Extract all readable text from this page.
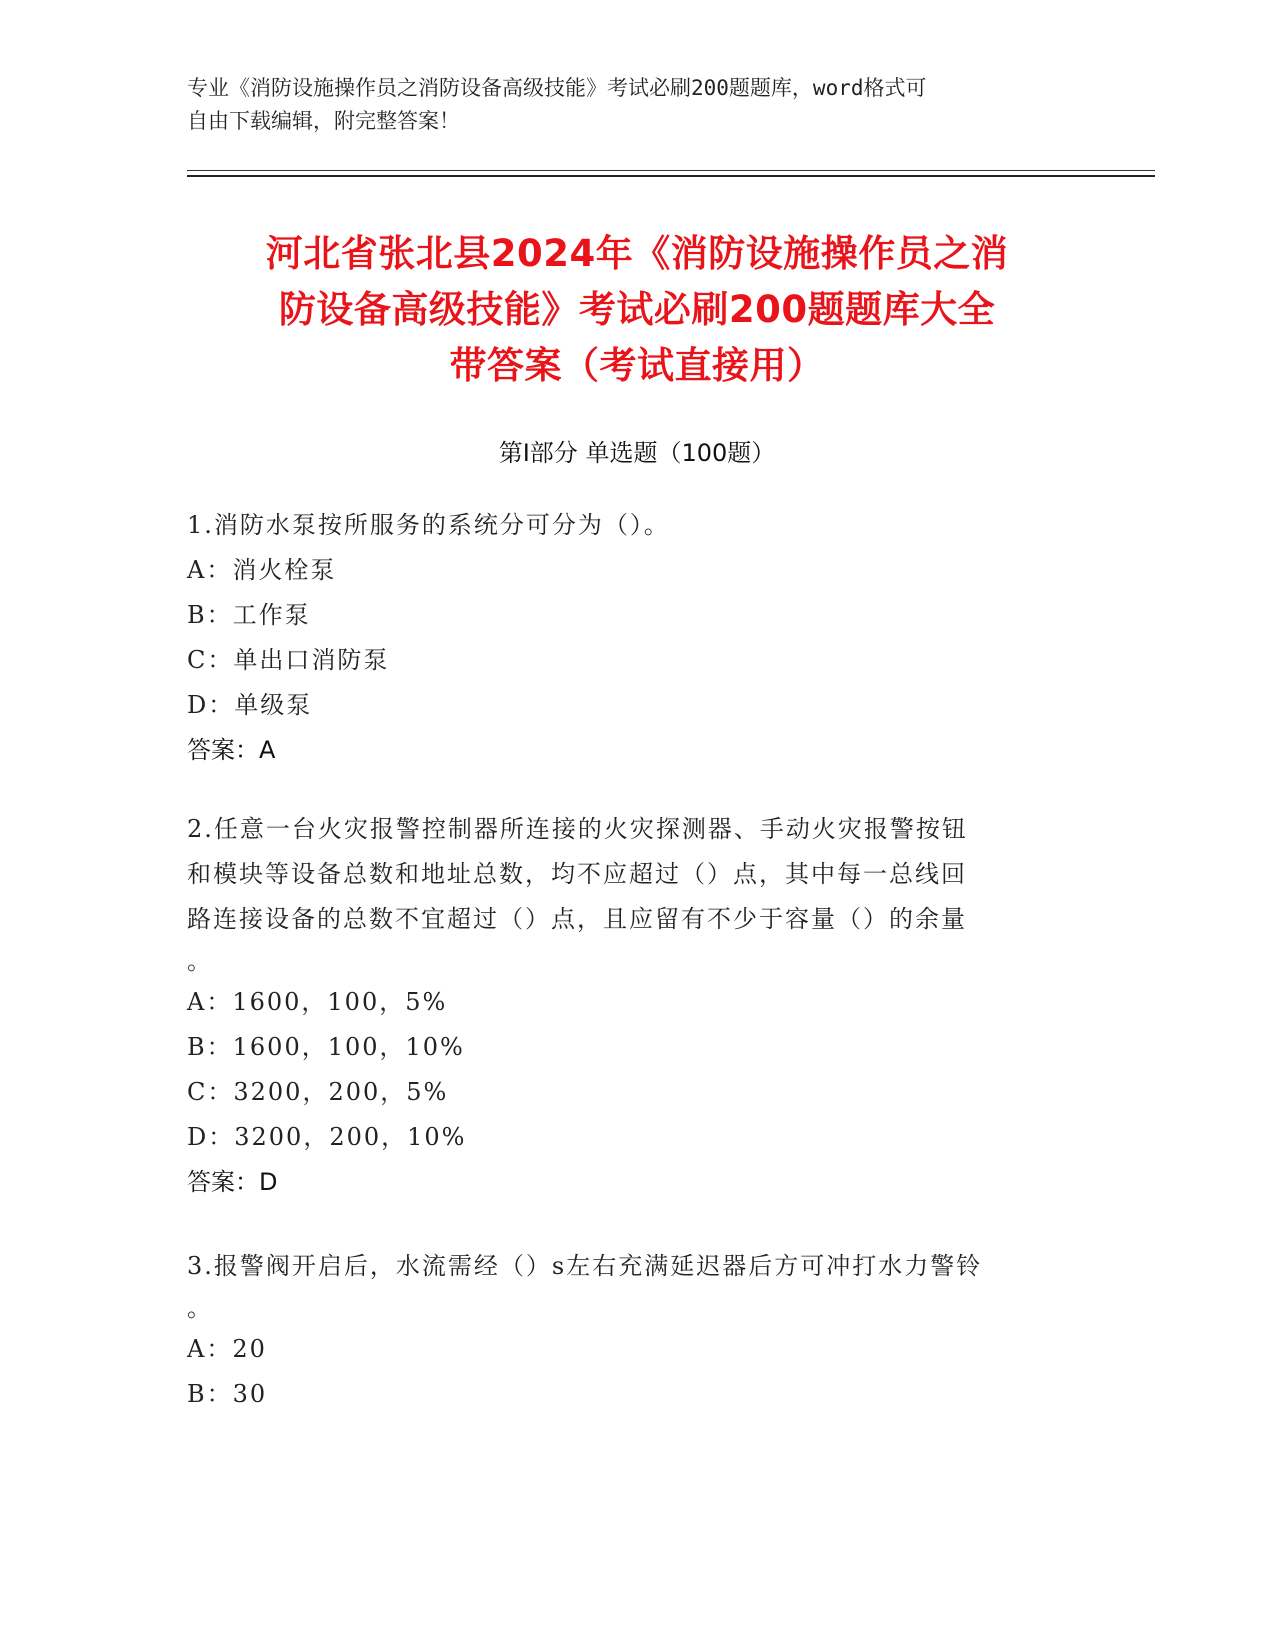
专业《消防设施操作员之消防设备高级技能》考试必刷200题题库，word格式可
自由下载编辑，附完整答案！
河北省张北县2024年《消防设施操作员之消
防设备高级技能》考试必刷200题题库大全
带答案（考试直接用）
第Ⅰ部分 单选题（100题）
1.消防水泵按所服务的系统分可分为（）。
A：消火栓泵
B：工作泵
C：单出口消防泵
D：单级泵
答案：A
2.任意一台火灾报警控制器所连接的火灾探测器、手动火灾报警按钮
和模块等设备总数和地址总数，均不应超过（）点，其中每一总线回
路连接设备的总数不宜超过（）点，且应留有不少于容量（）的余量
。
A：1600，100，5%
B：1600，100，10%
C：3200，200，5%
D：3200，200，10%
答案：D
3.报警阀开启后，水流需经（）s左右充满延迟器后方可冲打水力警铃
。
A：20
B：30
